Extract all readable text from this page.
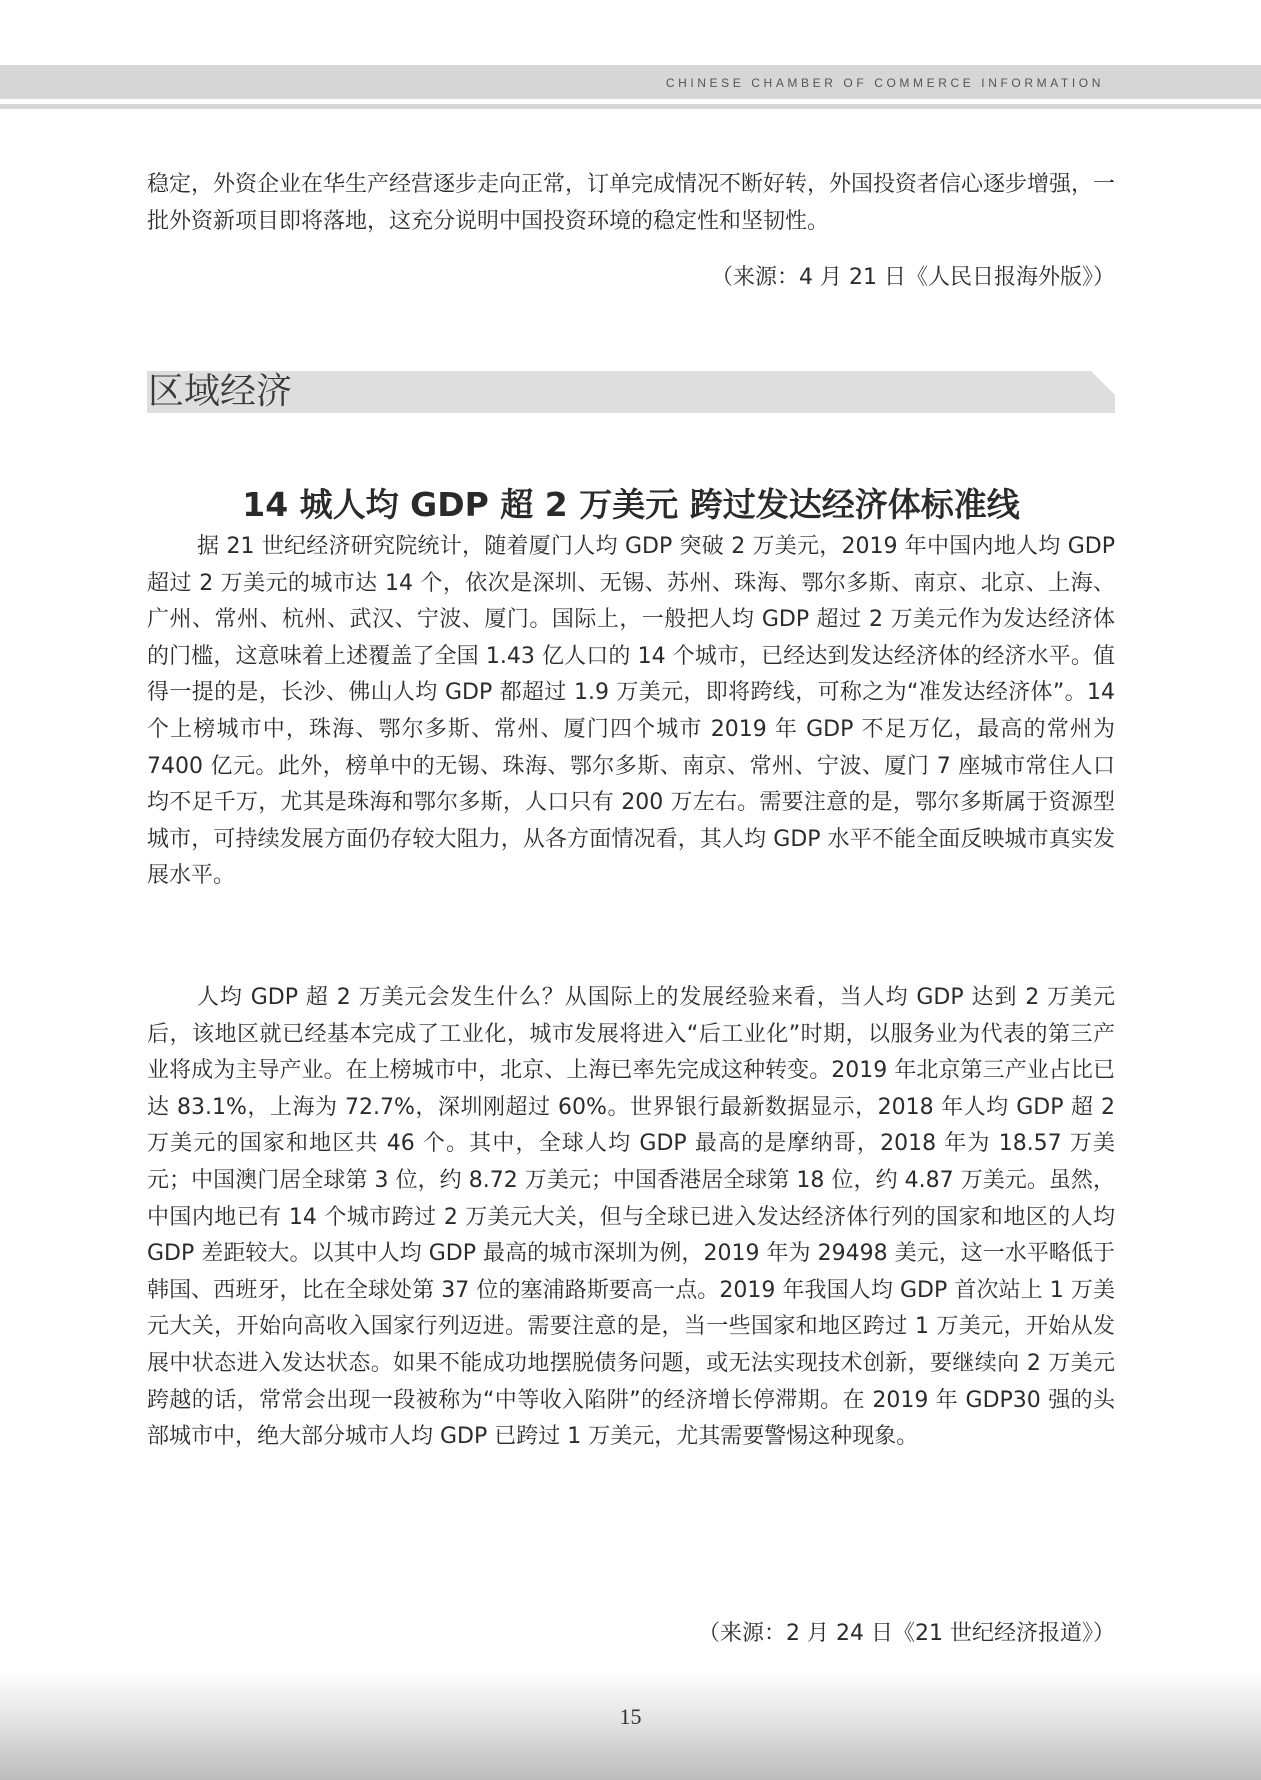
CHINESE CHAMBER OF COMMERCE INFORMATION

稳定，外资企业在华生产经营逐步走向正常，订单完成情况不断好转，外国投资者信心逐步增强，一批外资新项目即将落地，这充分说明中国投资环境的稳定性和坚韧性。

（来源：4 月 21 日《人民日报海外版》）
区域经济
14 城人均 GDP 超 2 万美元 跨过发达经济体标准线

据 21 世纪经济研究院统计，随着厦门人均 GDP 突破 2 万美元，2019 年中国内地人均 GDP 超过 2 万美元的城市达 14 个，依次是深圳、无锡、苏州、珠海、鄂尔多斯、南京、北京、上海、广州、常州、杭州、武汉、宁波、厦门。国际上，一般把人均 GDP 超过 2 万美元作为发达经济体的门槛，这意味着上述覆盖了全国 1.43 亿人口的 14 个城市，已经达到发达经济体的经济水平。值得一提的是，长沙、佛山人均 GDP 都超过 1.9 万美元，即将跨线，可称之为“准发达经济体”。14 个上榜城市中，珠海、鄂尔多斯、常州、厦门四个城市 2019 年 GDP 不足万亿，最高的常州为 7400 亿元。此外，榜单中的无锡、珠海、鄂尔多斯、南京、常州、宁波、厦门 7 座城市常住人口均不足千万，尤其是珠海和鄂尔多斯，人口只有 200 万左右。需要注意的是，鄂尔多斯属于资源型城市，可持续发展方面仍存较大阻力，从各方面情况看，其人均 GDP 水平不能全面反映城市真实发展水平。

人均 GDP 超 2 万美元会发生什么？从国际上的发展经验来看，当人均 GDP 达到 2 万美元后，该地区就已经基本完成了工业化，城市发展将进入“后工业化”时期，以服务业为代表的第三产业将成为主导产业。在上榜城市中，北京、上海已率先完成这种转变。2019 年北京第三产业占比已达 83.1%，上海为 72.7%，深圳刚超过 60%。世界银行最新数据显示，2018 年人均 GDP 超 2 万美元的国家和地区共 46 个。其中，全球人均 GDP 最高的是摩纳哥，2018 年为 18.57 万美元；中国澳门居全球第 3 位，约 8.72 万美元；中国香港居全球第 18 位，约 4.87 万美元。虽然，中国内地已有 14 个城市跨过 2 万美元大关，但与全球已进入发达经济体行列的国家和地区的人均 GDP 差距较大。以其中人均 GDP 最高的城市深圳为例，2019 年为 29498 美元，这一水平略低于韩国、西班牙，比在全球处第 37 位的塞浦路斯要高一点。2019 年我国人均 GDP 首次站上 1 万美元大关，开始向高收入国家行列迈进。需要注意的是，当一些国家和地区跨过 1 万美元，开始从发展中状态进入发达状态。如果不能成功地摆脱债务问题，或无法实现技术创新，要继续向 2 万美元跨越的话，常常会出现一段被称为“中等收入陷阱”的经济增长停滞期。在 2019 年 GDP30 强的头部城市中，绝大部分城市人均 GDP 已跨过 1 万美元，尤其需要警惕这种现象。

（来源：2 月 24 日《21 世纪经济报道》）
15
